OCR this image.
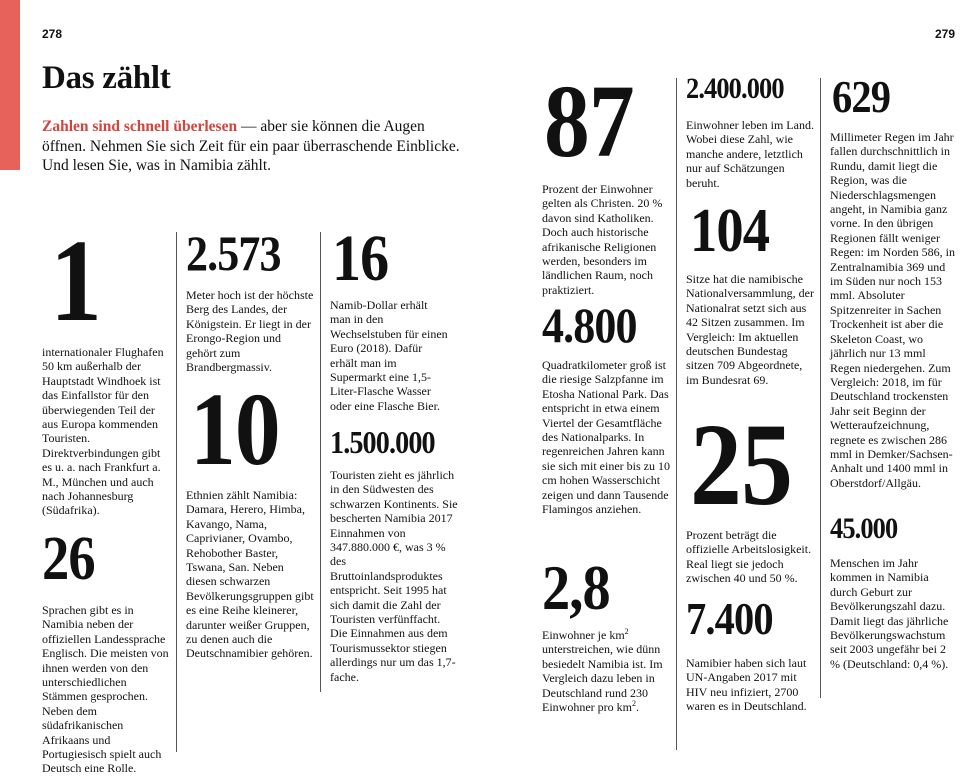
278	279
Das zählt
Zahlen sind schnell überlesen — aber sie können die Augen öffnen. Nehmen Sie sich Zeit für ein paar überraschende Einblicke. Und lesen Sie, was in Namibia zählt.
1
internationaler Flughafen 50 km außerhalb der Hauptstadt Windhoek ist das Einfallstor für den überwiegenden Teil der aus Europa kommenden Touristen. Direktverbindungen gibt es u. a. nach Frankfurt a. M., München und auch nach Johannesburg (Südafrika).
26
Sprachen gibt es in Namibia neben der offiziellen Landessprache Englisch. Die meisten von ihnen werden von den unterschiedlichen Stämmen gesprochen. Neben dem südafrikanischen Afrikaans und Portugiesisch spielt auch Deutsch eine Rolle.
2.573
Meter hoch ist der höchste Berg des Landes, der Königstein. Er liegt in der Erongo-Region und gehört zum Brandbergmassiv.
10
Ethnien zählt Namibia: Damara, Herero, Himba, Kavango, Nama, Caprivianer, Ovambo, Rehobother Baster, Tswana, San. Neben diesen schwarzen Bevölkerungsgruppen gibt es eine Reihe kleinerer, darunter weißer Gruppen, zu denen auch die Deutschnamibier gehören.
16
Namib-Dollar erhält man in den Wechselstuben für einen Euro (2018). Dafür erhält man im Supermarkt eine 1,5-Liter-Flasche Wasser oder eine Flasche Bier.
1.500.000
Touristen zieht es jährlich in den Südwesten des schwarzen Kontinents. Sie bescherten Namibia 2017 Einnahmen von 347.880.000 €, was 3 % des Bruttoinlandsproduktes entspricht. Seit 1995 hat sich damit die Zahl der Touristen verfünffacht. Die Einnahmen aus dem Tourismussektor stiegen allerdings nur um das 1,7-fache.
87
Prozent der Einwohner gelten als Christen. 20 % davon sind Katholiken. Doch auch historische afrikanische Religionen werden, besonders im ländlichen Raum, noch praktiziert.
4.800
Quadratkilometer groß ist die riesige Salzpfanne im Etosha National Park. Das entspricht in etwa einem Viertel der Gesamtfläche des Nationalparks. In regenreichen Jahren kann sie sich mit einer bis zu 10 cm hohen Wasserschicht zeigen und dann Tausende Flamingos anziehen.
2,8
Einwohner je $km^2$ unterstreichen, wie dünn besiedelt Namibia ist. Im Vergleich dazu leben in Deutschland rund 230 Einwohner pro $km^2$.
2.400.000
Einwohner leben im Land. Wobei diese Zahl, wie manche andere, letztlich nur auf Schätzungen beruht.
104
Sitze hat die namibische Nationalversammlung, der Nationalrat setzt sich aus 42 Sitzen zusammen. Im Vergleich: Im aktuellen deutschen Bundestag sitzen 709 Abgeordnete, im Bundesrat 69.
25
Prozent beträgt die offizielle Arbeitslosigkeit. Real liegt sie jedoch zwischen 40 und 50 %.
7.400
Namibier haben sich laut UN-Angaben 2017 mit HIV neu infiziert, 2700 waren es in Deutschland.
629
Millimeter Regen im Jahr fallen durchschnittlich in Rundu, damit liegt die Region, was die Niederschlagsmengen angeht, in Namibia ganz vorne. In den übrigen Regionen fällt weniger Regen: im Norden 586, in Zentralnamibia 369 und im Süden nur noch 153 mml. Absoluter Spitzenreiter in Sachen Trockenheit ist aber die Skeleton Coast, wo jährlich nur 13 mml Regen niedergehen. Zum Vergleich: 2018, im für Deutschland trockensten Jahr seit Beginn der Wetteraufzeichnung, regnete es zwischen 286 mml in Demker/Sachsen-Anhalt und 1400 mml in Oberstdorf/Allgäu.
45.000
Menschen im Jahr kommen in Namibia durch Geburt zur Bevölkerungszahl dazu. Damit liegt das jährliche Bevölkerungswachstum seit 2003 ungefähr bei 2 % (Deutschland: 0,4 %).
